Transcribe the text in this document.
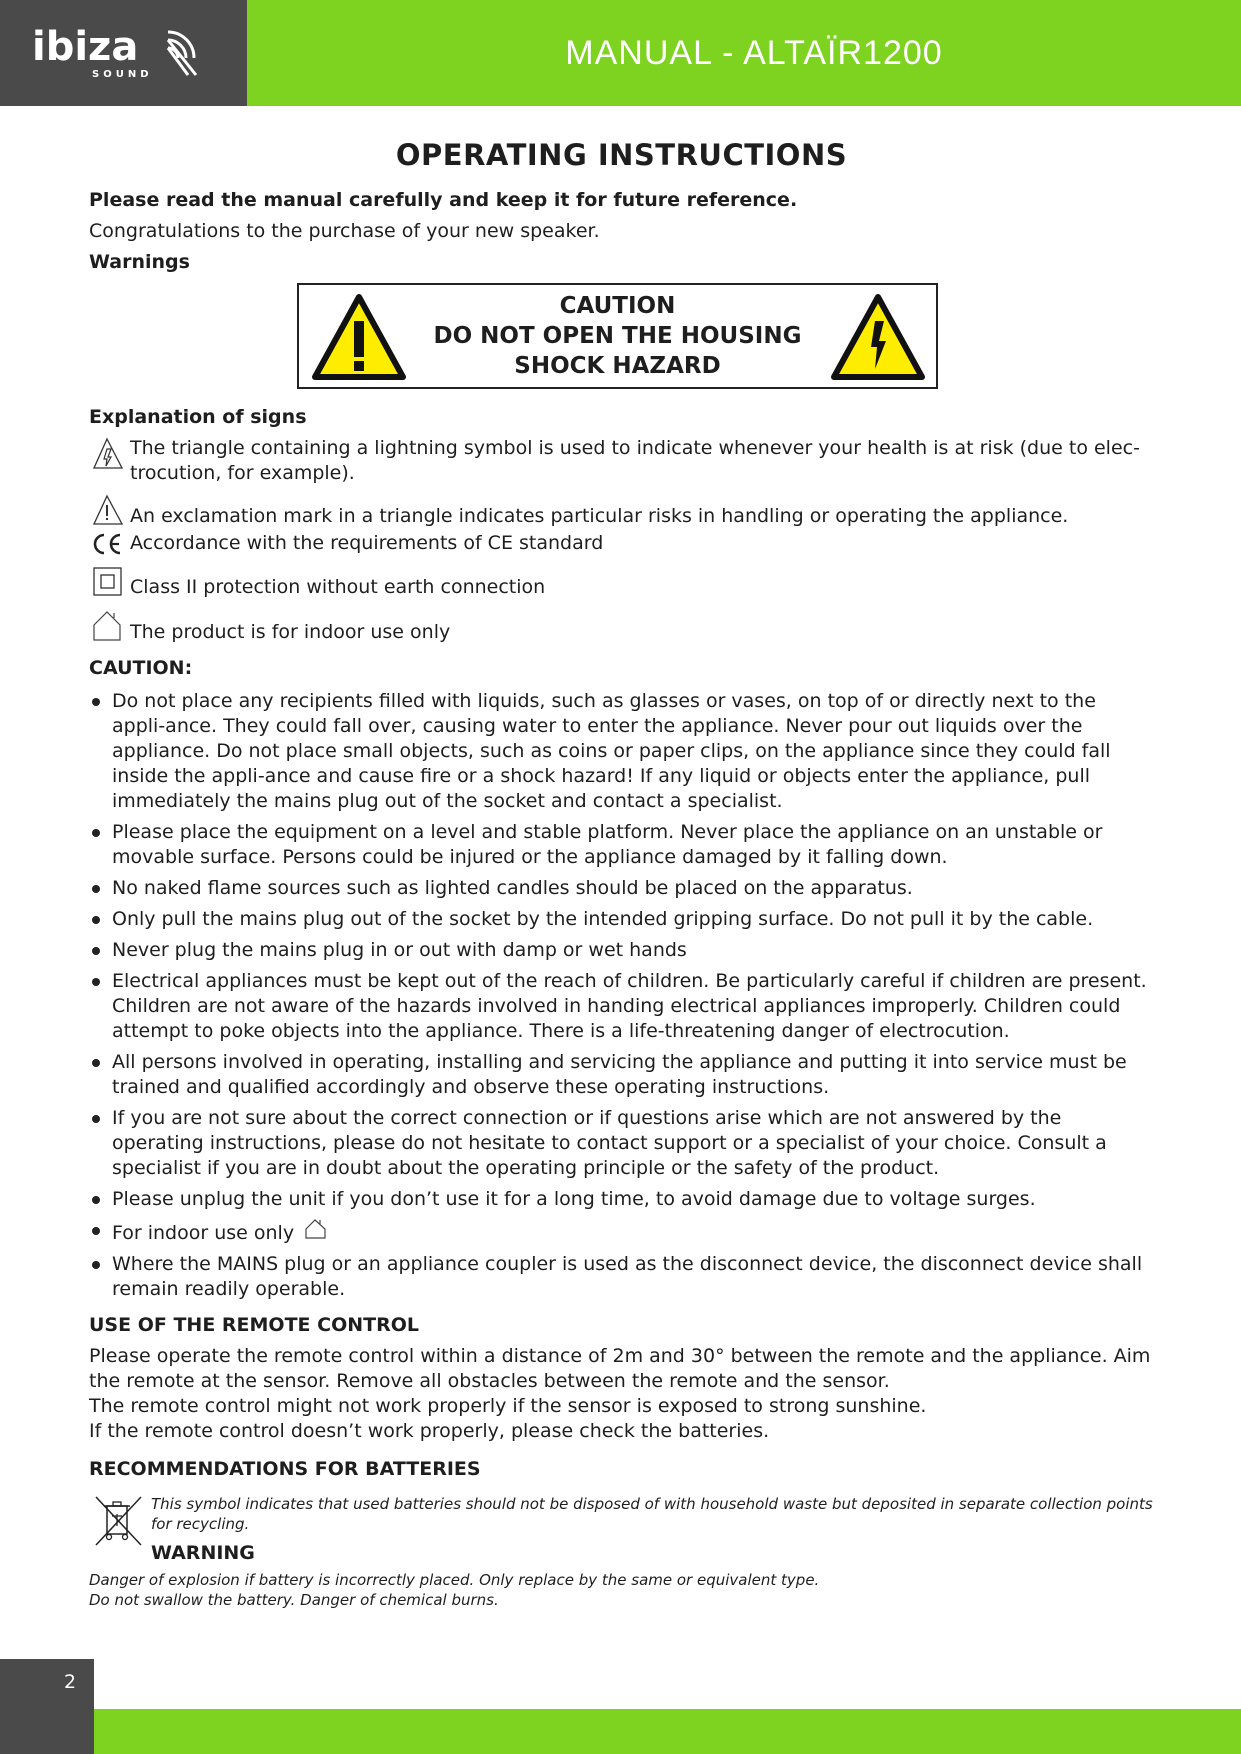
ibiza
SOUND
MANUAL - ALTAÏR1200
OPERATING INSTRUCTIONS

Please read the manual carefully and keep it for future reference.

Congratulations to the purchase of your new speaker.

Warnings

CAUTION
DO NOT OPEN THE HOUSING
SHOCK HAZARD

Explanation of signs

The triangle containing a lightning symbol is used to indicate whenever your health is at risk (due to elec-trocution, for example).
An exclamation mark in a triangle indicates particular risks in handling or operating the appliance.
Accordance with the requirements of CE standard
Class II protection without earth connection
The product is for indoor use only

CAUTION:

Do not place any recipients filled with liquids, such as glasses or vases, on top of or directly next to the appli-ance. They could fall over, causing water to enter the appliance. Never pour out liquids over the appliance. Do not place small objects, such as coins or paper clips, on the appliance since they could fall inside the appli-ance and cause fire or a shock hazard! If any liquid or objects enter the appliance, pull immediately the mains plug out of the socket and contact a specialist.
Please place the equipment on a level and stable platform. Never place the appliance on an unstable or movable surface. Persons could be injured or the appliance damaged by it falling down.
No naked flame sources such as lighted candles should be placed on the apparatus.
Only pull the mains plug out of the socket by the intended gripping surface. Do not pull it by the cable.
Never plug the mains plug in or out with damp or wet hands
Electrical appliances must be kept out of the reach of children. Be particularly careful if children are present. Children are not aware of the hazards involved in handing electrical appliances improperly. Children could attempt to poke objects into the appliance. There is a life-threatening danger of electrocution.
All persons involved in operating, installing and servicing the appliance and putting it into service must be trained and qualified accordingly and observe these operating instructions.
If you are not sure about the correct connection or if questions arise which are not answered by the operating instructions, please do not hesitate to contact support or a specialist of your choice. Consult a specialist if you are in doubt about the operating principle or the safety of the product.
Please unplug the unit if you don’t use it for a long time, to avoid damage due to voltage surges.
For indoor use only
Where the MAINS plug or an appliance coupler is used as the disconnect device, the disconnect device shall remain readily operable.

USE OF THE REMOTE CONTROL

Please operate the remote control within a distance of 2m and 30° between the remote and the appliance. Aim the remote at the sensor. Remove all obstacles between the remote and the sensor.

The remote control might not work properly if the sensor is exposed to strong sunshine.

If the remote control doesn’t work properly, please check the batteries.

RECOMMENDATIONS FOR BATTERIES

This symbol indicates that used batteries should not be disposed of with household waste but deposited in separate collection points for recycling.

WARNING

Danger of explosion if battery is incorrectly placed. Only replace by the same or equivalent type.

Do not swallow the battery. Danger of chemical burns.

2
